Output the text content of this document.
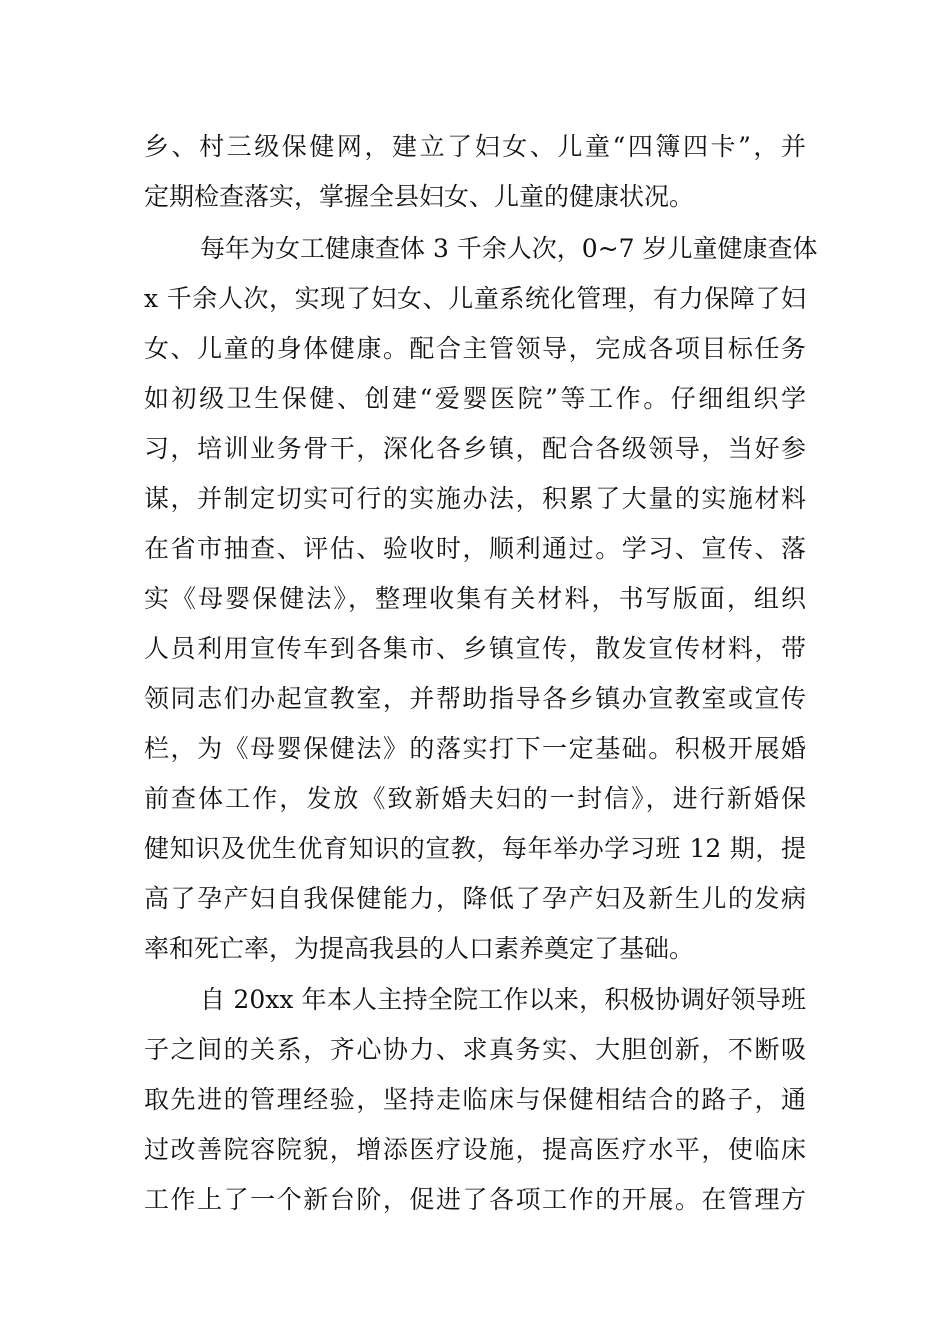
乡、村三级保健网，建立了妇女、儿童“四簿四卡”，并
定期检查落实，掌握全县妇女、儿童的健康状况。
每年为女工健康查体 3 千余人次，0~7 岁儿童健康查体
x 千余人次，实现了妇女、儿童系统化管理，有力保障了妇
女、儿童的身体健康。配合主管领导，完成各项目标任务
如初级卫生保健、创建“爱婴医院”等工作。仔细组织学
习，培训业务骨干，深化各乡镇，配合各级领导，当好参
谋，并制定切实可行的实施办法，积累了大量的实施材料
在省市抽查、评估、验收时，顺利通过。学习、宣传、落
实《母婴保健法》，整理收集有关材料，书写版面，组织
人员利用宣传车到各集市、乡镇宣传，散发宣传材料，带
领同志们办起宣教室，并帮助指导各乡镇办宣教室或宣传
栏，为《母婴保健法》的落实打下一定基础。积极开展婚
前查体工作，发放《致新婚夫妇的一封信》，进行新婚保
健知识及优生优育知识的宣教，每年举办学习班 12 期，提
高了孕产妇自我保健能力，降低了孕产妇及新生儿的发病
率和死亡率，为提高我县的人口素养奠定了基础。
自 20xx 年本人主持全院工作以来，积极协调好领导班
子之间的关系，齐心协力、求真务实、大胆创新，不断吸
取先进的管理经验，坚持走临床与保健相结合的路子，通
过改善院容院貌，增添医疗设施，提高医疗水平，使临床
工作上了一个新台阶，促进了各项工作的开展。在管理方
